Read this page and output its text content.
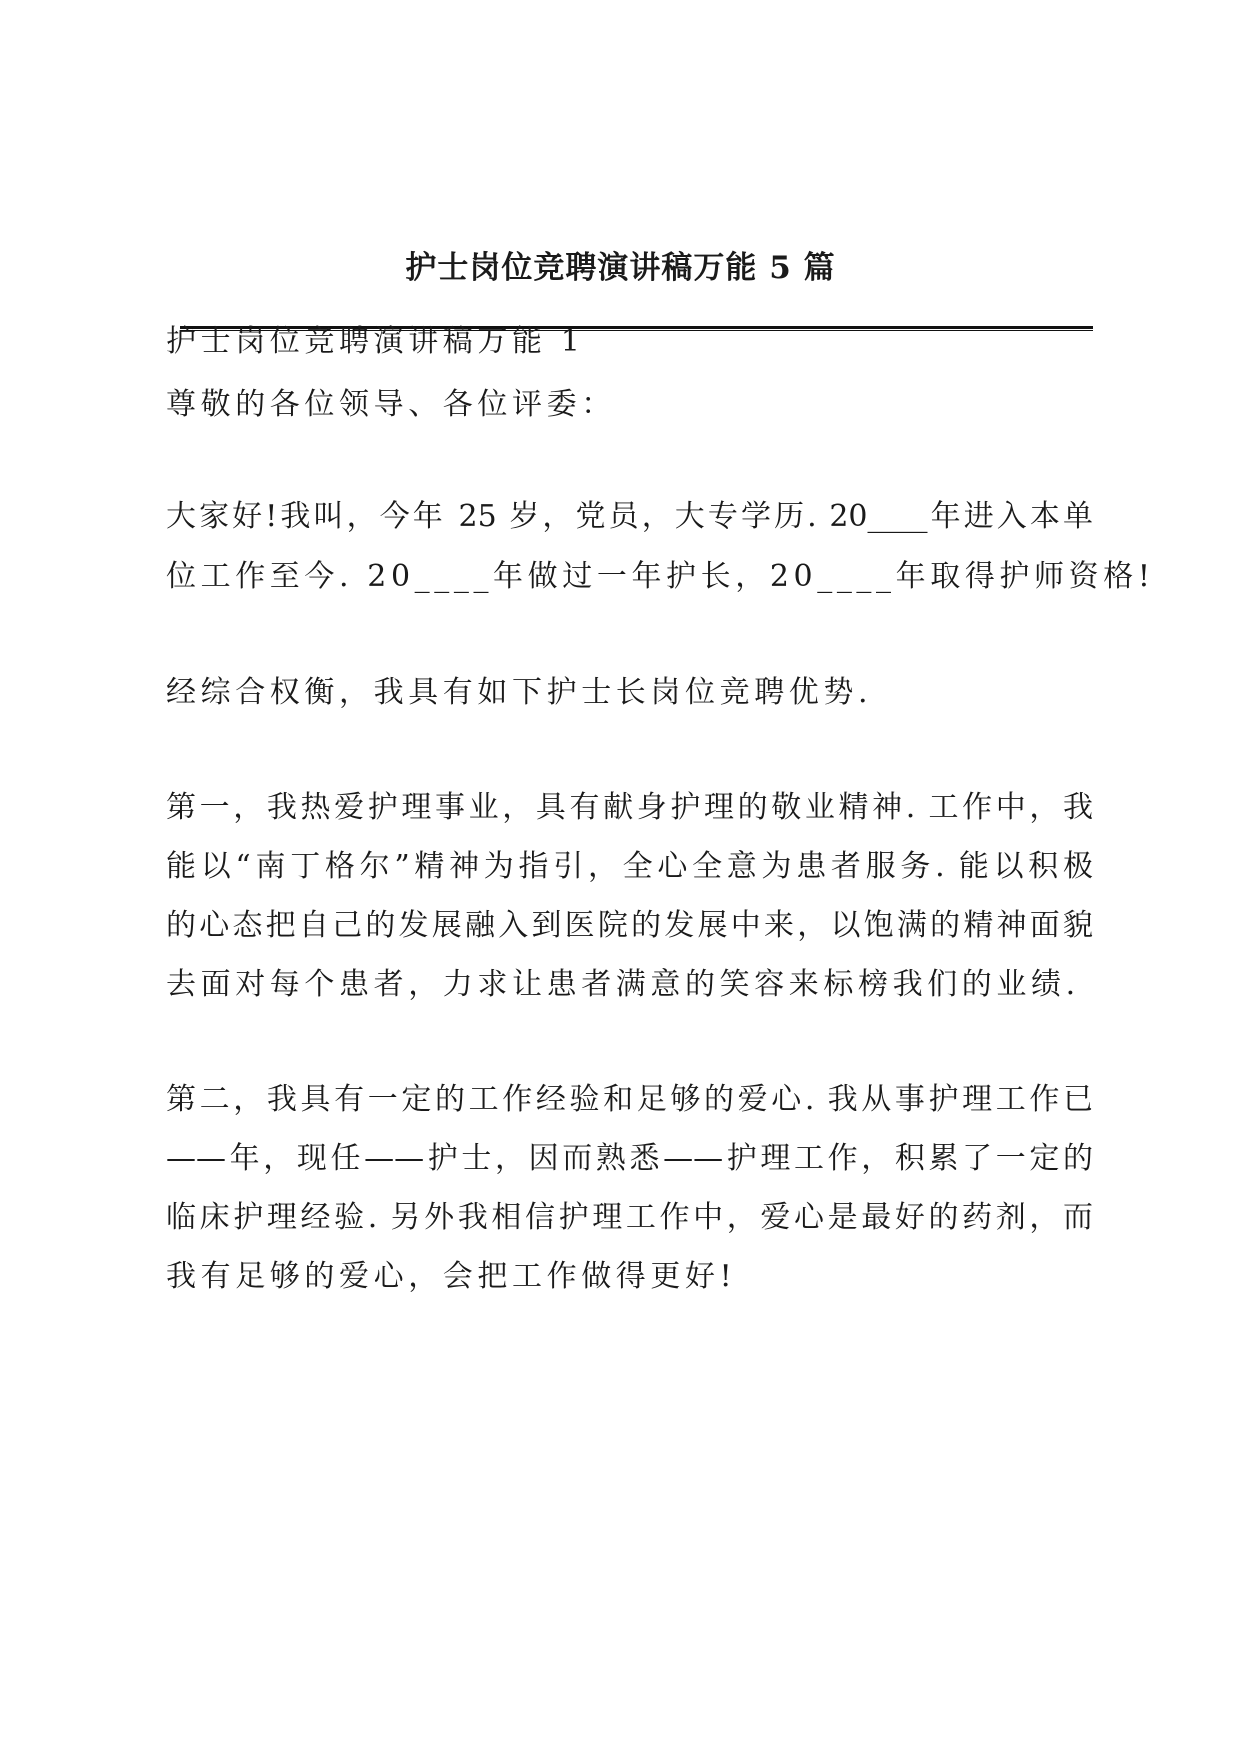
护士岗位竞聘演讲稿万能 5 篇
护士岗位竞聘演讲稿万能 1
尊敬的各位领导、各位评委：
大家好!我叫，今年 25 岁，党员，大专学历. 20____年进入本单
位工作至今. 20____年做过一年护长，20____年取得护师资格!
经综合权衡，我具有如下护士长岗位竞聘优势.
第一，我热爱护理事业，具有献身护理的敬业精神. 工作中，我
能以“南丁格尔”精神为指引，全心全意为患者服务. 能以积极
的心态把自己的发展融入到医院的发展中来，以饱满的精神面貌
去面对每个患者，力求让患者满意的笑容来标榜我们的业绩.
第二，我具有一定的工作经验和足够的爱心. 我从事护理工作已
——年，现任——护士，因而熟悉——护理工作，积累了一定的
临床护理经验. 另外我相信护理工作中，爱心是最好的药剂，而
我有足够的爱心，会把工作做得更好!
